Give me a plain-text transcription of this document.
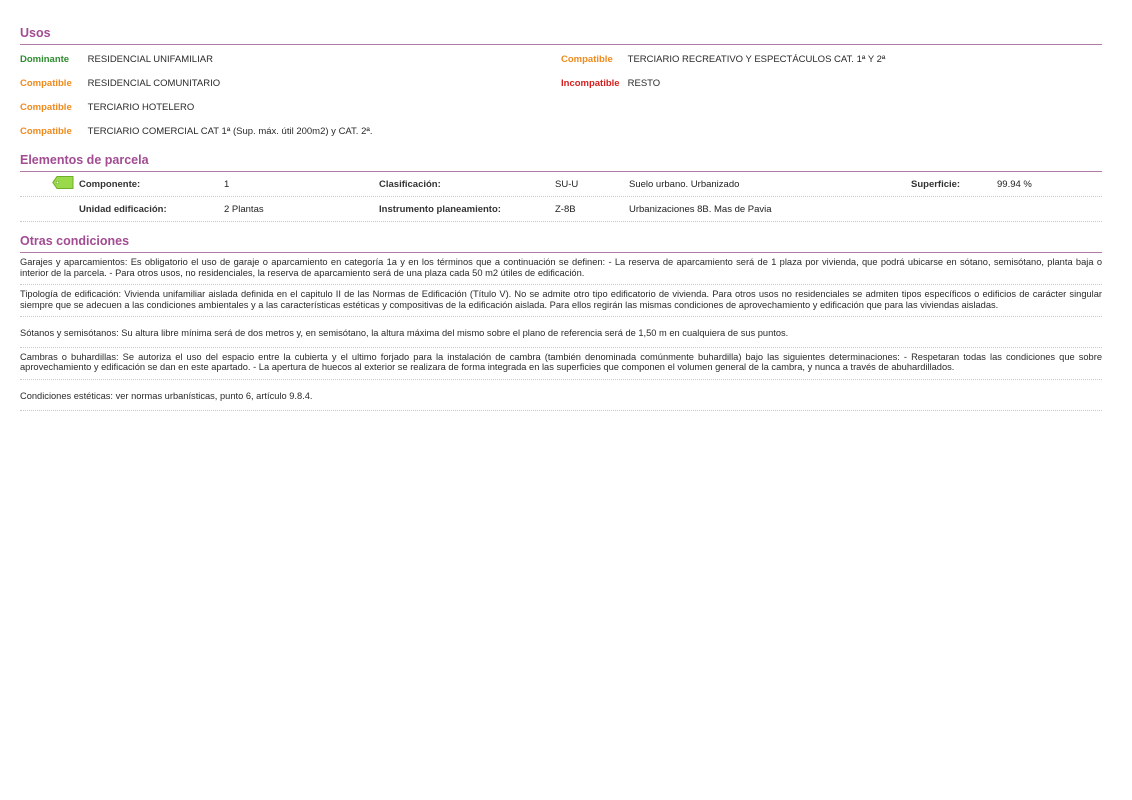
Usos
Dominante RESIDENCIAL UNIFAMILIAR
Compatible RESIDENCIAL COMUNITARIO
Compatible TERCIARIO HOTELERO
Compatible TERCIARIO COMERCIAL CAT 1ª (Sup. máx. útil 200m2) y CAT. 2ª.
Compatible TERCIARIO RECREATIVO Y ESPECTÁCULOS CAT. 1ª Y 2ª
Incompatible RESTO
Elementos de parcela
Componente:	1	Clasificación:	SU-U	Suelo urbano. Urbanizado	Superficie:	99.94 %
Unidad edificación:	2 Plantas	Instrumento planeamiento:	Z-8B	Urbanizaciones 8B. Mas de Pavia
Otras condiciones
Garajes y aparcamientos: Es obligatorio el uso de garaje o aparcamiento en categoría 1a y en los términos que a continuación se definen: - La reserva de aparcamiento será de 1 plaza por vivienda, que podrá ubicarse en sótano, semisótano, planta baja o interior de la parcela. - Para otros usos, no residenciales, la reserva de aparcamiento será de una plaza cada 50 m2 útiles de edificación.
Tipología de edificación: Vivienda unifamiliar aislada definida en el capitulo II de las Normas de Edificación (Título V). No se admite otro tipo edificatorio de vivienda. Para otros usos no residenciales se admiten tipos específicos o edificios de carácter singular siempre que se adecuen a las condiciones ambientales y a las características estéticas y compositivas de la edificación aislada. Para ellos regirán las mismas condiciones de aprovechamiento y edificación que para las viviendas aisladas.
Sótanos y semisótanos: Su altura libre mínima será de dos metros y, en semisótano, la altura máxima del mismo sobre el plano de referencia será de 1,50 m en cualquiera de sus puntos.
Cambras o buhardillas: Se autoriza el uso del espacio entre la cubierta y el ultimo forjado para la instalación de cambra (también denominada comúnmente buhardilla) bajo las siguientes determinaciones: - Respetaran todas las condiciones que sobre aprovechamiento y edificación se dan en este apartado. - La apertura de huecos al exterior se realizara de forma integrada en las superficies que componen el volumen general de la cambra, y nunca a través de abuhardillados.
Condiciones estéticas: ver normas urbanísticas, punto 6, artículo 9.8.4.
